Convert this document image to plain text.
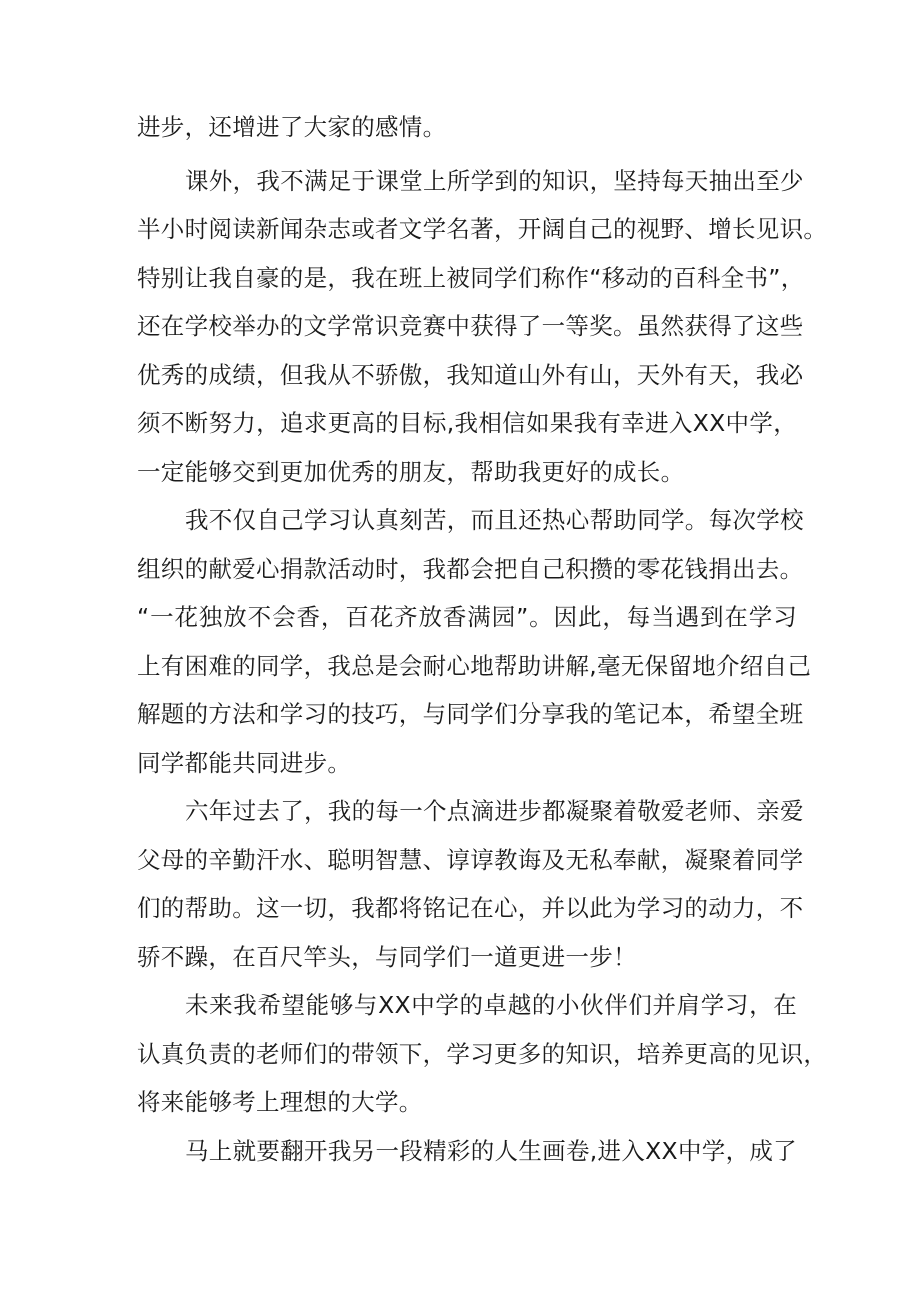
进步，还增进了大家的感情。
课外，我不满足于课堂上所学到的知识，坚持每天抽出至少
半小时阅读新闻杂志或者文学名著，开阔自己的视野、增长见识。
特别让我自豪的是，我在班上被同学们称作“移动的百科全书”，
还在学校举办的文学常识竞赛中获得了一等奖。虽然获得了这些
优秀的成绩，但我从不骄傲，我知道山外有山，天外有天，我必
须不断努力，追求更高的目标,我相信如果我有幸进入XX中学，
一定能够交到更加优秀的朋友，帮助我更好的成长。
我不仅自己学习认真刻苦，而且还热心帮助同学。每次学校
组织的献爱心捐款活动时，我都会把自己积攒的零花钱捐出去。
“一花独放不会香，百花齐放香满园”。因此，每当遇到在学习
上有困难的同学，我总是会耐心地帮助讲解,毫无保留地介绍自己
解题的方法和学习的技巧，与同学们分享我的笔记本，希望全班
同学都能共同进步。
六年过去了，我的每一个点滴进步都凝聚着敬爱老师、亲爱
父母的辛勤汗水、聪明智慧、谆谆教诲及无私奉献，凝聚着同学
们的帮助。这一切，我都将铭记在心，并以此为学习的动力，不
骄不躁，在百尺竿头，与同学们一道更进一步！
未来我希望能够与XX中学的卓越的小伙伴们并肩学习，在
认真负责的老师们的带领下，学习更多的知识，培养更高的见识，
将来能够考上理想的大学。
马上就要翻开我另一段精彩的人生画卷,进入XX中学，成了
